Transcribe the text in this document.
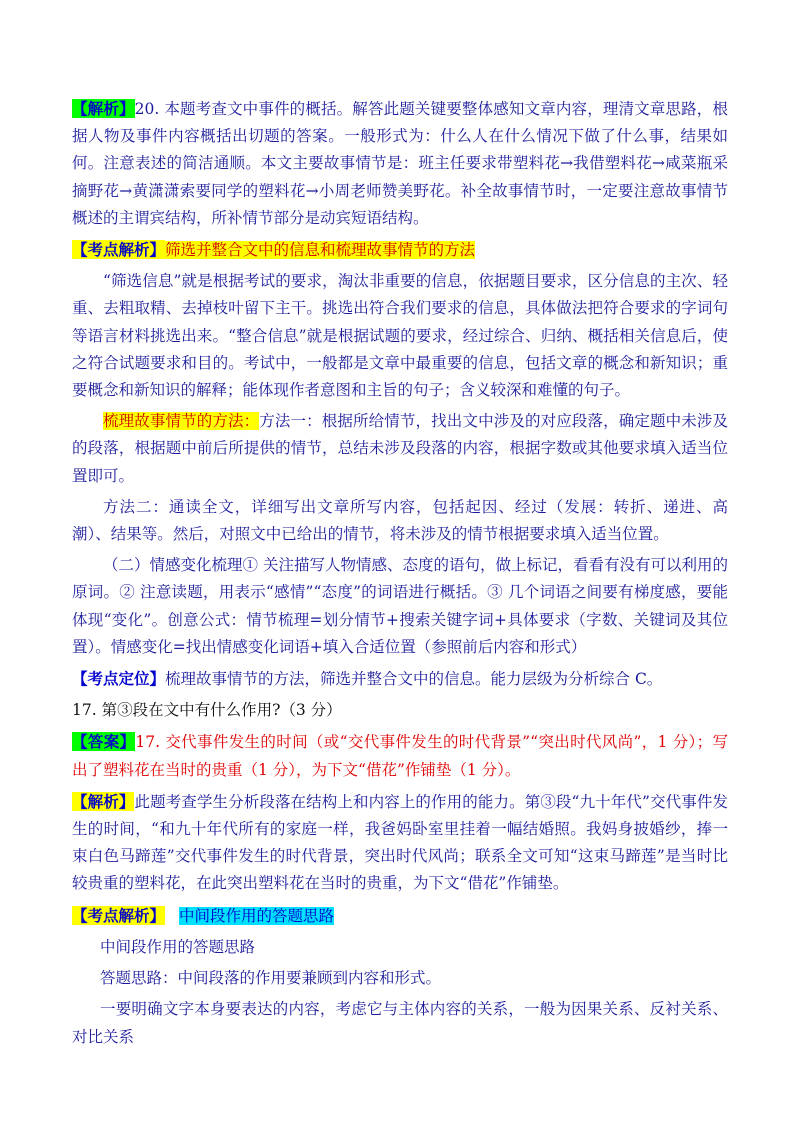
【解析】20. 本题考查文中事件的概括。解答此题关键要整体感知文章内容，理清文章思路，根据人物及事件内容概括出切题的答案。一般形式为：什么人在什么情况下做了什么事，结果如何。注意表述的简洁通顺。本文主要故事情节是：班主任要求带塑料花→我借塑料花→咸菜瓶采摘野花→黄潇潇索要同学的塑料花→小周老师赞美野花。补全故事情节时，一定要注意故事情节概述的主谓宾结构，所补情节部分是动宾短语结构。

【考点解析】筛选并整合文中的信息和梳理故事情节的方法

“筛选信息”就是根据考试的要求，淘汰非重要的信息，依据题目要求，区分信息的主次、轻重、去粗取精、去掉枝叶留下主干。挑选出符合我们要求的信息，具体做法把符合要求的字词句等语言材料挑选出来。“整合信息”就是根据试题的要求，经过综合、归纳、概括相关信息后，使之符合试题要求和目的。考试中，一般都是文章中最重要的信息，包括文章的概念和新知识；重要概念和新知识的解释；能体现作者意图和主旨的句子；含义较深和难懂的句子。

梳理故事情节的方法：方法一：根据所给情节，找出文中涉及的对应段落，确定题中未涉及的段落，根据题中前后所提供的情节，总结未涉及段落的内容，根据字数或其他要求填入适当位置即可。

方法二：通读全文，详细写出文章所写内容，包括起因、经过（发展：转折、递进、高潮）、结果等。然后，对照文中已给出的情节，将未涉及的情节根据要求填入适当位置。

（二）情感变化梳理① 关注描写人物情感、态度的语句，做上标记，看看有没有可以利用的原词。② 注意读题，用表示“感情”“态度”的词语进行概括。③ 几个词语之间要有梯度感，要能体现“变化”。创意公式：情节梳理=划分情节+搜索关键字词+具体要求（字数、关键词及其位置）。情感变化=找出情感变化词语+填入合适位置（参照前后内容和形式）

【考点定位】梳理故事情节的方法，筛选并整合文中的信息。能力层级为分析综合 C。

17. 第③段在文中有什么作用?（3 分）

【答案】17. 交代事件发生的时间（或“交代事件发生的时代背景”“突出时代风尚”，1 分）；写出了塑料花在当时的贵重（1 分），为下文“借花”作铺垫（1 分）。

【解析】此题考查学生分析段落在结构上和内容上的作用的能力。第③段“九十年代”交代事件发生的时间，“和九十年代所有的家庭一样，我爸妈卧室里挂着一幅结婚照。我妈身披婚纱，捧一束白色马蹄莲”交代事件发生的时代背景，突出时代风尚；联系全文可知“这束马蹄莲”是当时比较贵重的塑料花，在此突出塑料花在当时的贵重，为下文“借花”作铺垫。

【考点解析】 中间段作用的答题思路

中间段作用的答题思路

答题思路：中间段落的作用要兼顾到内容和形式。

一要明确文字本身要表达的内容，考虑它与主体内容的关系，一般为因果关系、反衬关系、对比关系
